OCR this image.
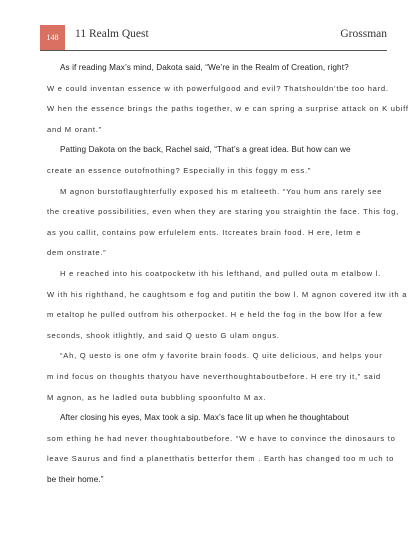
148 11 Realm Quest	Grossman
As if reading Max’s mind, Dakota said, “We’re in the Realm of Creation, right?
W e could inventan essence w ith powerfulgood and evil? Thatshouldn’tbe too hard.
W hen the essence brings the paths together, w e can spring a surprise attack on K ubiff
and M orant.”
Patting Dakota on the back, Rachel said, “That’s a great idea. But how can we
create an essence outofnothing? Especially in this foggy m ess.”
M agnon burstoflaughterfully exposed his m etalteeth. “You hum ans rarely see
the creative possibilities, even when they are staring you straightin the face. This fog,
as you callit, contains pow erfulelem ents. Itcreates brain food. H ere, letm e
dem onstrate.”
H e reached into his coatpocketw ith his lefthand, and pulled outa m etalbow l.
W ith his righthand, he caughtsom e fog and putitin the bow l. M agnon covered itw ith a
m etaltop he pulled outfrom his otherpocket. H e held the fog in the bow lfor a few
seconds, shook itlightly, and said Q uesto G ulam ongus.
“Ah, Q uesto is one ofm y favorite brain foods. Q uite delicious, and helps your
m ind focus on thoughts thatyou have neverthoughtaboutbefore. H ere try it,” said
M agnon, as he ladled outa bubbling spoonfulto M ax.
After closing his eyes, Max took a sip. Max’s face lit up when he thoughtabout
som ething he had never thoughtaboutbefore. “W e have to convince the dinosaurs to
leave Saurus and find a planetthatis betterfor them . Earth has changed too m uch to
be their home.”
